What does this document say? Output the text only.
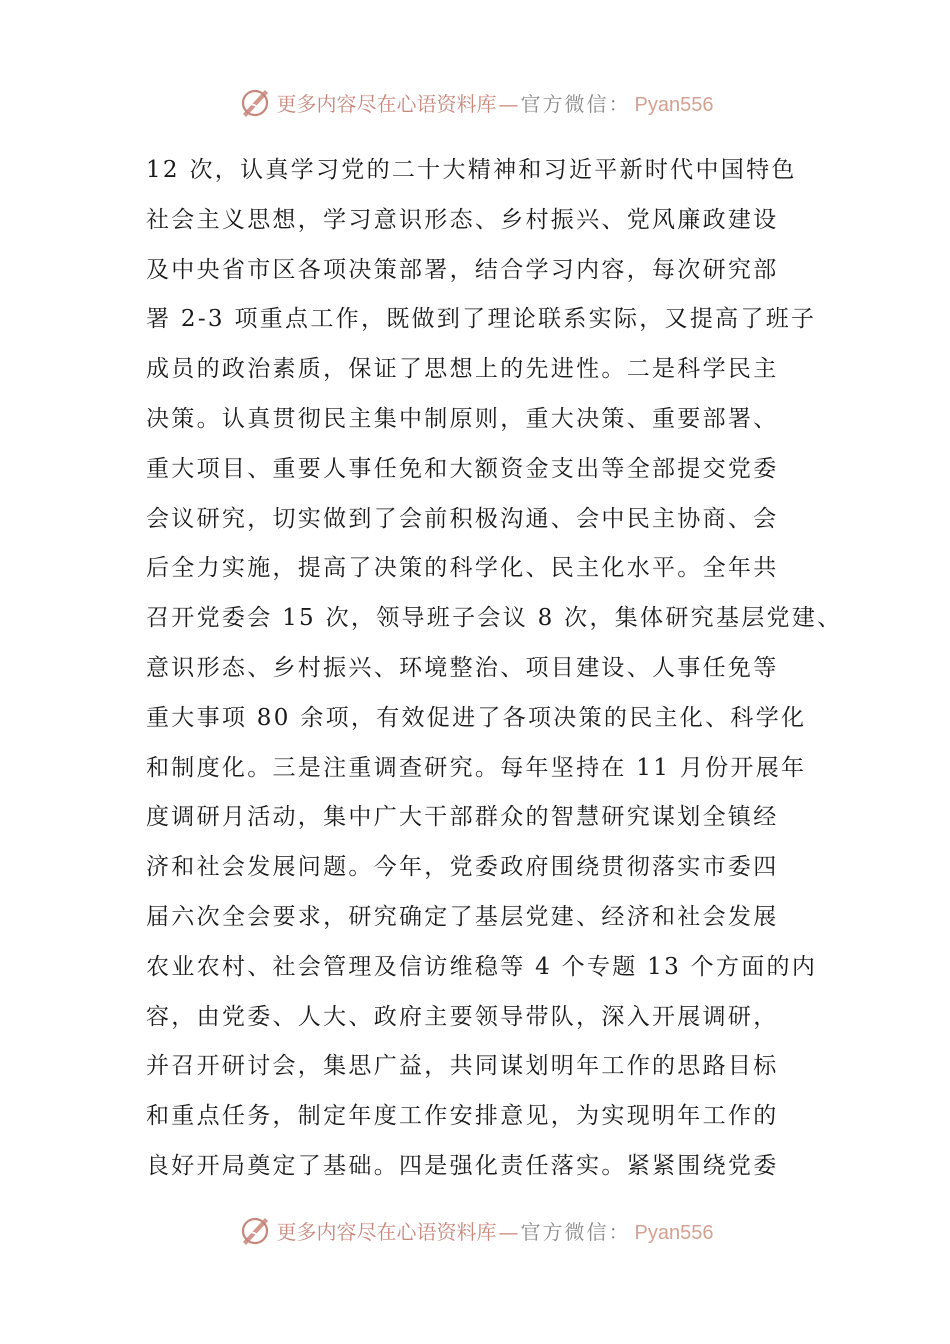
更多内容尽在心语资料库 — 官方微信： Pyan556
12 次，认真学习党的二十大精神和习近平新时代中国特色
社会主义思想，学习意识形态、乡村振兴、党风廉政建设
及中央省市区各项决策部署，结合学习内容，每次研究部
署 2-3 项重点工作，既做到了理论联系实际，又提高了班子
成员的政治素质，保证了思想上的先进性。二是科学民主
决策。认真贯彻民主集中制原则，重大决策、重要部署、
重大项目、重要人事任免和大额资金支出等全部提交党委
会议研究，切实做到了会前积极沟通、会中民主协商、会
后全力实施，提高了决策的科学化、民主化水平。全年共
召开党委会 15 次，领导班子会议 8 次，集体研究基层党建、
意识形态、乡村振兴、环境整治、项目建设、人事任免等
重大事项 80 余项，有效促进了各项决策的民主化、科学化
和制度化。三是注重调查研究。每年坚持在 11 月份开展年
度调研月活动，集中广大干部群众的智慧研究谋划全镇经
济和社会发展问题。今年，党委政府围绕贯彻落实市委四
届六次全会要求，研究确定了基层党建、经济和社会发展
农业农村、社会管理及信访维稳等 4 个专题 13 个方面的内
容，由党委、人大、政府主要领导带队，深入开展调研，
并召开研讨会，集思广益，共同谋划明年工作的思路目标
和重点任务，制定年度工作安排意见，为实现明年工作的
良好开局奠定了基础。四是强化责任落实。紧紧围绕党委
更多内容尽在心语资料库 — 官方微信： Pyan556
